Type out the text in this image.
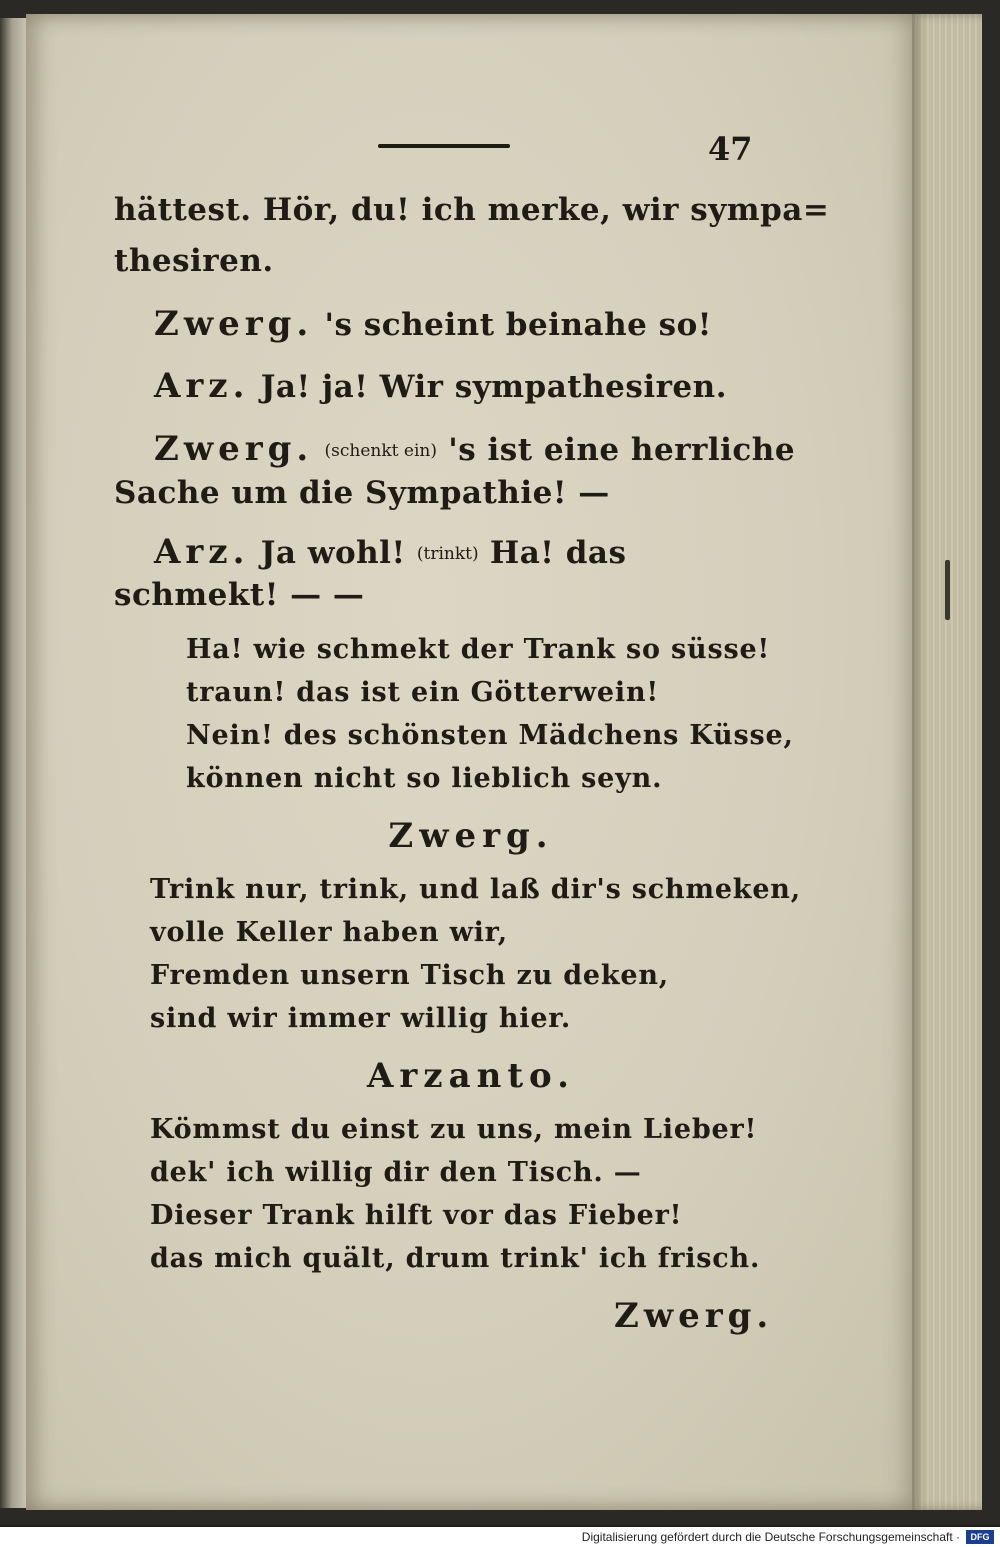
47
hättest. Hör, du! ich merke, wir sympa=
thesiren.
Zwerg. 's scheint beinahe so!
Arz. Ja! ja! Wir sympathesiren.
Zwerg. (schenkt ein) 's ist eine herrliche
Sache um die Sympathie! —
Arz. Ja wohl! (trinkt) Ha! das
schmekt! — —
Ha! wie schmekt der Trank so süsse!
traun! das ist ein Götterwein!
Nein! des schönsten Mädchens Küsse,
können nicht so lieblich seyn.
Zwerg.
Trink nur, trink, und laß dir's schmeken,
volle Keller haben wir,
Fremden unsern Tisch zu deken,
sind wir immer willig hier.
Arzanto.
Kömmst du einst zu uns, mein Lieber!
dek' ich willig dir den Tisch. —
Dieser Trank hilft vor das Fieber!
das mich quält, drum trink' ich frisch.
Zwerg.
Digitalisierung gefördert durch die Deutsche Forschungsgemeinschaft ·	DFG
